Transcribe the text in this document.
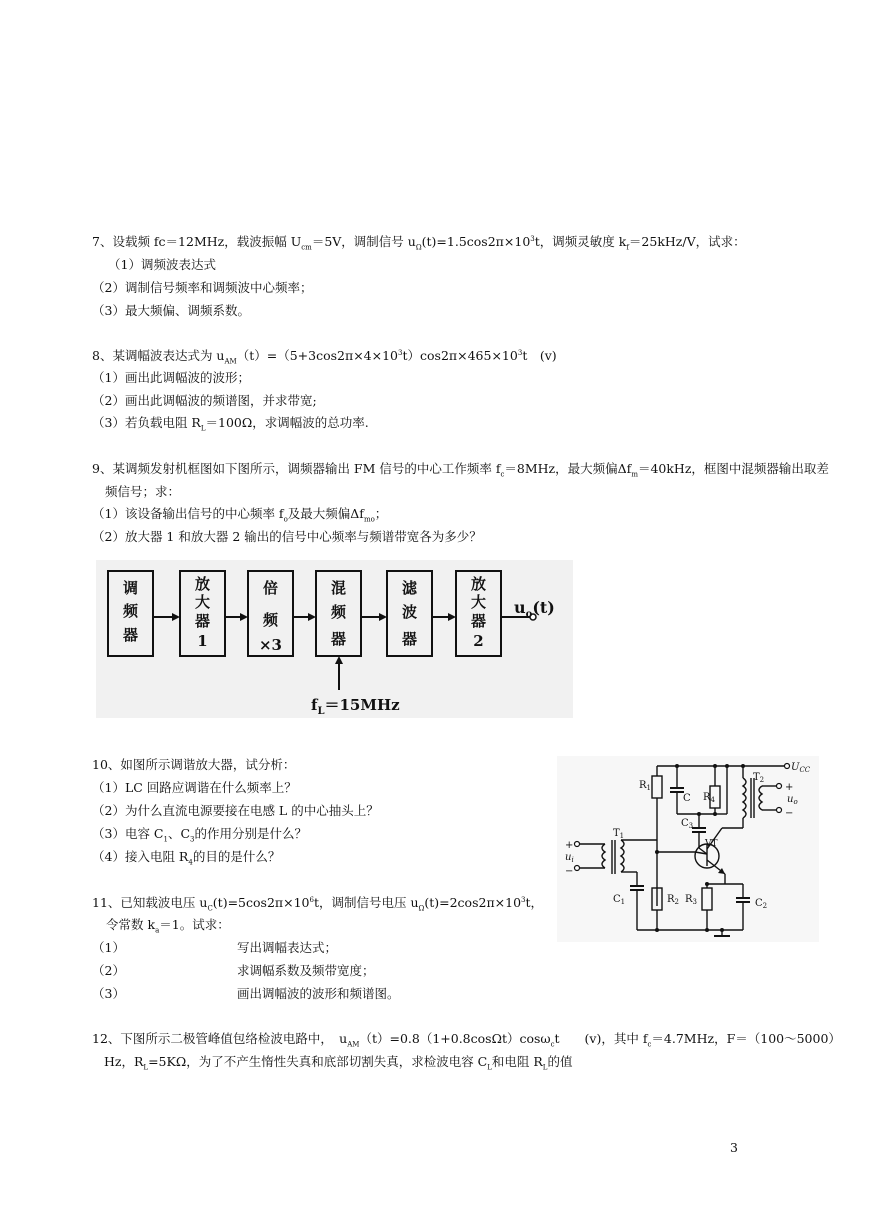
7、设载频 fc＝12MHz，载波振幅 $U_{cm}=5V$，调制信号 $u_\Omega(t)=1.5\cos 2\pi\times 10^3t$，调频灵敏度 $k_f=25kHz/V$，试求：
（1）调频波表达式
（2）调制信号频率和调频波中心频率；
（3）最大频偏、调频系数。
8、某调幅波表达式为 $u_{AM}(t)=(5+3\cos 2\pi\times 4\times 10^3t)\cos 2\pi\times 465\times 10^3t$　(v)
（1）画出此调幅波的波形；
（2）画出此调幅波的频谱图，并求带宽;
（3）若负载电阻 $R_L=100\Omega$，求调幅波的总功率.
9、某调频发射机框图如下图所示，调频器输出 FM 信号的中心工作频率 $f_c=8MHz$，最大频偏$\Delta f_m=40kHz$，框图中混频器输出取差
频信号；求：
（1）该设备输出信号的中心频率 $f_o$及最大频偏$\Delta f_{mo}$；
（2）放大器 1 和放大器 2 输出的信号中心频率与频谱带宽各为多少？
调
频
器
放
大
器
1
倍
频
×3
混
频
器
滤
波
器
放
大
器
2
$u_o(t)$
$f_L=15MHz$
10、如图所示调谐放大器，试分析：
（1）LC 回路应调谐在什么频率上？
（2）为什么直流电源要接在电感 L 的中心抽头上？
（3）电容 $C_1$、$C_3$的作用分别是什么？
（4）接入电阻 $R_4$的目的是什么？
$U_{CC}$
$R_1$
C $R_4$
$C_3$
$T_2$
$T_1$
VT
+
$u_o$
−
+
$u_i$
−
$C_1$	$R_2$ $R_3$	$C_2$
11、已知载波电压 $u_C(t)=5\cos 2\pi\times 10^6t$，调制信号电压 $u_\Omega(t)=2\cos 2\pi\times 10^3t$，
令常数 $k_a=1$。试求：
（1）	写出调幅表达式；
（2）	求调幅系数及频带宽度；
（3）	画出调幅波的波形和频谱图。
12、下图所示二极管峰值包络检波电路中，　$u_{AM}(t)=0.8(1+0.8\cos\Omega t)\cos\omega_ct$　　(v)，其中 $f_c=4.7MHz$，F＝（100～5000）
Hz，$R_L=5K\Omega$，为了不产生惰性失真和底部切割失真，求检波电容 $C_L$和电阻 $R_L$的值
3
